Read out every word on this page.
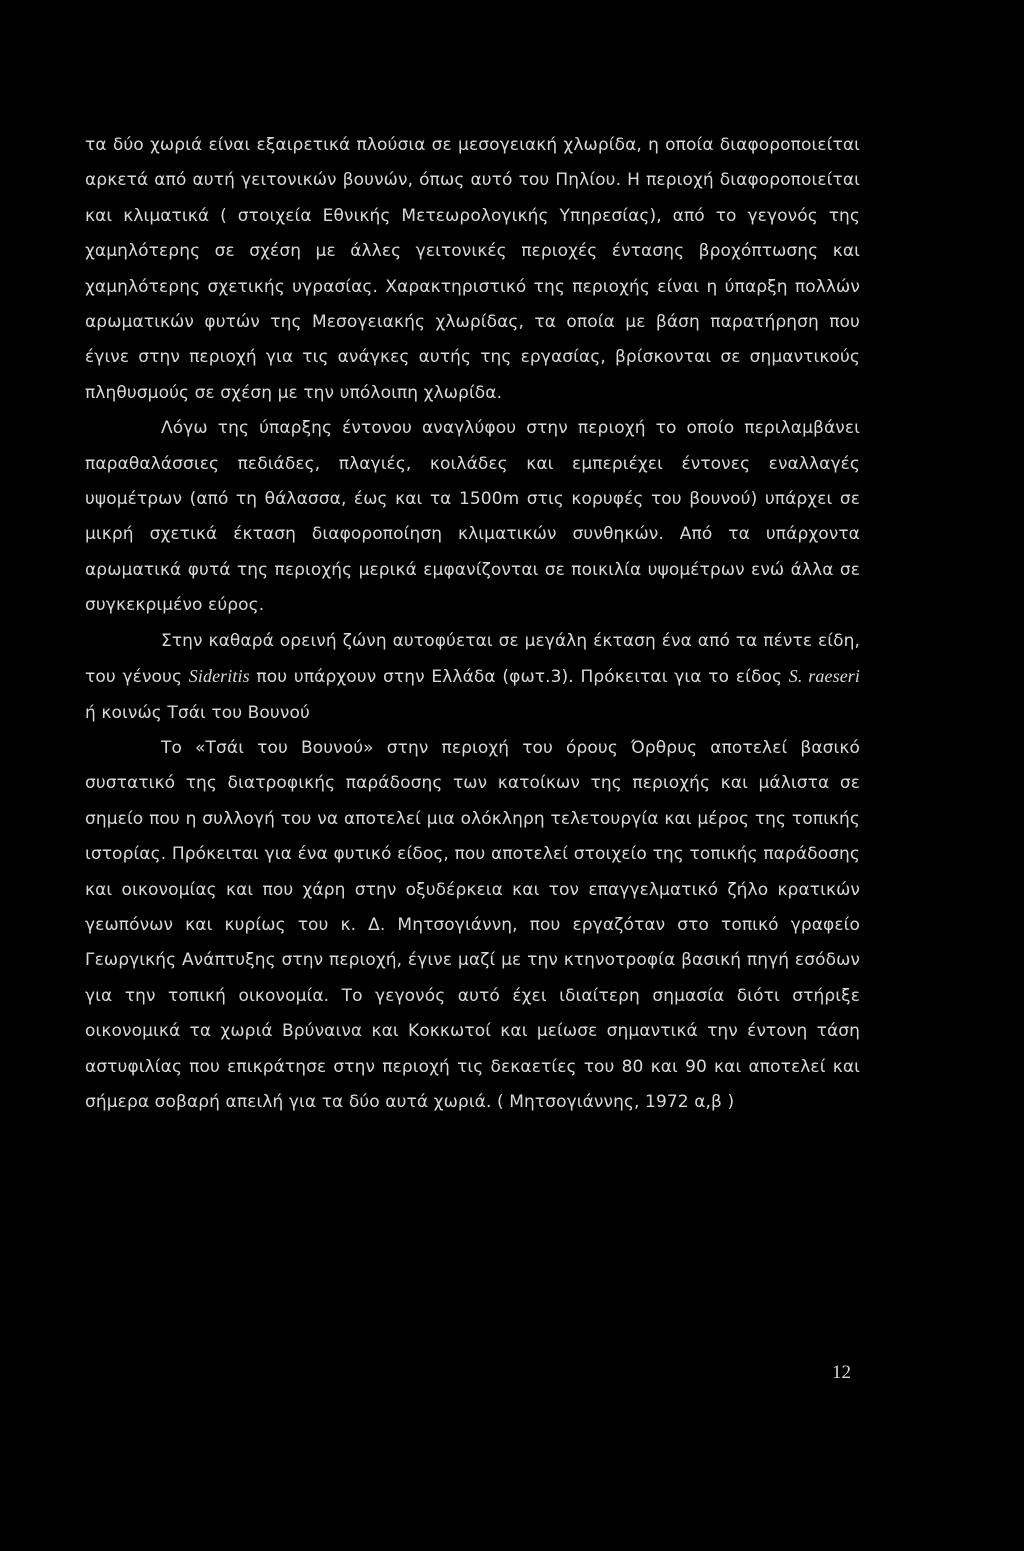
τα δύο χωριά είναι εξαιρετικά πλούσια σε μεσογειακή χλωρίδα, η οποία διαφοροποιείται αρκετά από αυτή γειτονικών βουνών, όπως αυτό του Πηλίου. Η περιοχή διαφοροποιείται και κλιματικά ( στοιχεία Εθνικής Μετεωρολογικής Υπηρεσίας), από το γεγονός της χαμηλότερης σε σχέση με άλλες γειτονικές περιοχές έντασης βροχόπτωσης και χαμηλότερης σχετικής υγρασίας. Χαρακτηριστικό της περιοχής είναι η ύπαρξη πολλών αρωματικών φυτών της Μεσογειακής χλωρίδας, τα οποία με βάση παρατήρηση που έγινε στην περιοχή για τις ανάγκες αυτής της εργασίας, βρίσκονται σε σημαντικούς πληθυσμούς σε σχέση με την υπόλοιπη χλωρίδα.

Λόγω της ύπαρξης έντονου αναγλύφου στην περιοχή το οποίο περιλαμβάνει παραθαλάσσιες πεδιάδες, πλαγιές, κοιλάδες και εμπεριέχει έντονες εναλλαγές υψομέτρων (από τη θάλασσα, έως και τα 1500m στις κορυφές του βουνού) υπάρχει σε μικρή σχετικά έκταση διαφοροποίηση κλιματικών συνθηκών. Από τα υπάρχοντα αρωματικά φυτά της περιοχής μερικά εμφανίζονται σε ποικιλία υψομέτρων ενώ άλλα σε συγκεκριμένο εύρος.

Στην καθαρά ορεινή ζώνη αυτοφύεται σε μεγάλη έκταση ένα από τα πέντε είδη, του γένους Sideritis που υπάρχουν στην Ελλάδα (φωτ.3). Πρόκειται για το είδος S. raeseri ή κοινώς Τσάι του Βουνού

Το «Τσάι του Βουνού» στην περιοχή του όρους Όρθρυς αποτελεί βασικό συστατικό της διατροφικής παράδοσης των κατοίκων της περιοχής και μάλιστα σε σημείο που η συλλογή του να αποτελεί μια ολόκληρη τελετουργία και μέρος της τοπικής ιστορίας. Πρόκειται για ένα φυτικό είδος, που αποτελεί στοιχείο της τοπικής παράδοσης και οικονομίας και που χάρη στην οξυδέρκεια και τον επαγγελματικό ζήλο κρατικών γεωπόνων και κυρίως του κ. Δ. Μητσογιάννη, που εργαζόταν στο τοπικό γραφείο Γεωργικής Ανάπτυξης στην περιοχή, έγινε μαζί με την κτηνοτροφία βασική πηγή εσόδων για την τοπική οικονομία. Το γεγονός αυτό έχει ιδιαίτερη σημασία διότι στήριξε οικονομικά τα χωριά Βρύναινα και Κοκκωτοί και μείωσε σημαντικά την έντονη τάση αστυφιλίας που επικράτησε στην περιοχή τις δεκαετίες του 80 και 90 και αποτελεί και σήμερα σοβαρή απειλή για τα δύο αυτά χωριά. ( Μητσογιάννης, 1972 α,β )

12
